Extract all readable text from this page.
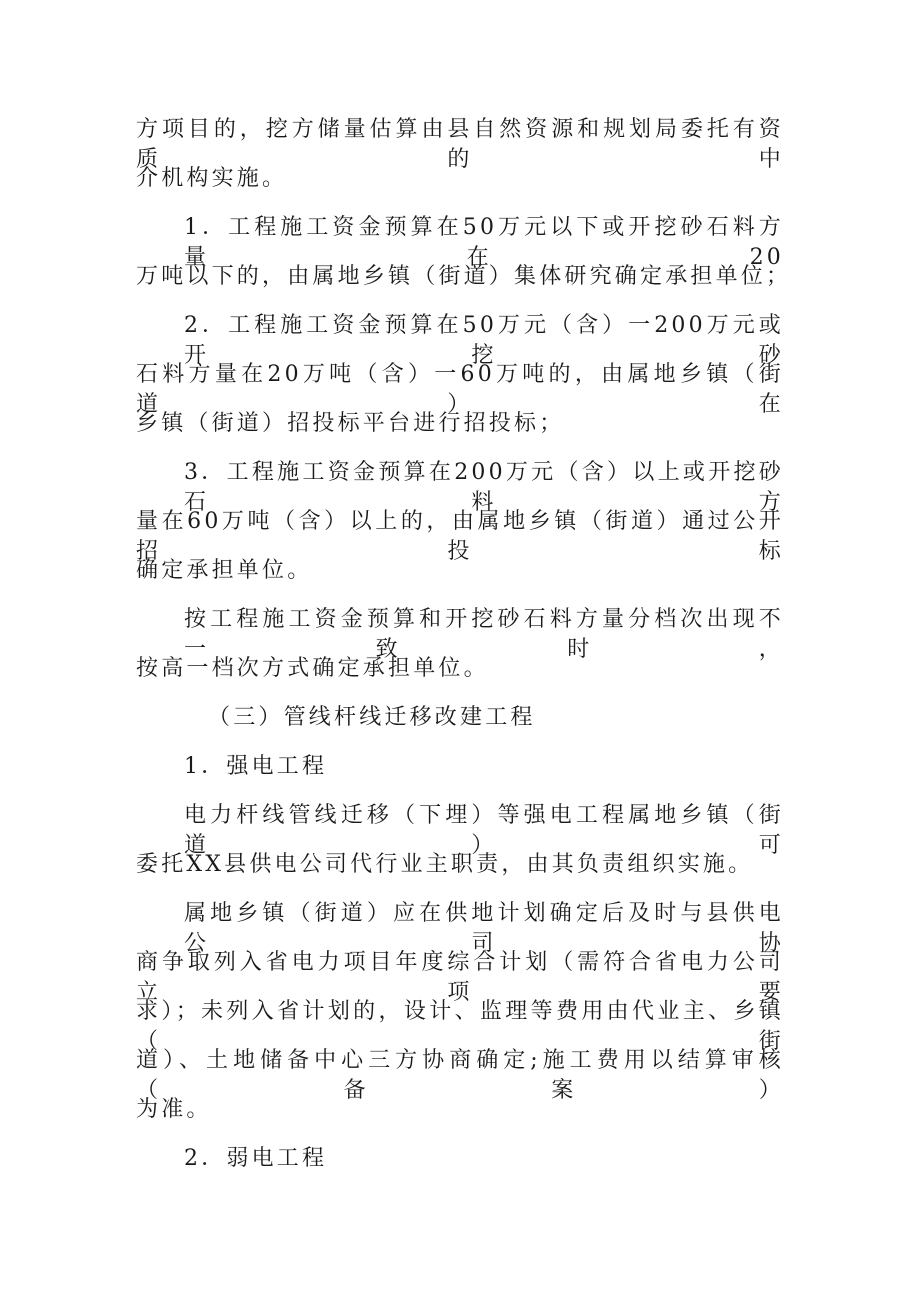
方项目的，挖方储量估算由县自然资源和规划局委托有资质的中
介机构实施。
1．工程施工资金预算在50万元以下或开挖砂石料方量在20
万吨以下的，由属地乡镇（街道）集体研究确定承担单位；
2．工程施工资金预算在50万元（含）一200万元或开挖砂
石料方量在20万吨（含）一60万吨的，由属地乡镇（街道）在
乡镇（街道）招投标平台进行招投标；
3．工程施工资金预算在200万元（含）以上或开挖砂石料方
量在60万吨（含）以上的，由属地乡镇（街道）通过公开招投标
确定承担单位。
按工程施工资金预算和开挖砂石料方量分档次出现不一致时，
按高一档次方式确定承担单位。
（三）管线杆线迁移改建工程
1．强电工程
电力杆线管线迁移（下埋）等强电工程属地乡镇（街道）可
委托XX县供电公司代行业主职责，由其负责组织实施。
属地乡镇（街道）应在供地计划确定后及时与县供电公司协
商争取列入省电力项目年度综合计划（需符合省电力公司立项要
求）；未列入省计划的，设计、监理等费用由代业主、乡镇（街
道）、土地储备中心三方协商确定;施工费用以结算审核（备案）
为准。
2．弱电工程
